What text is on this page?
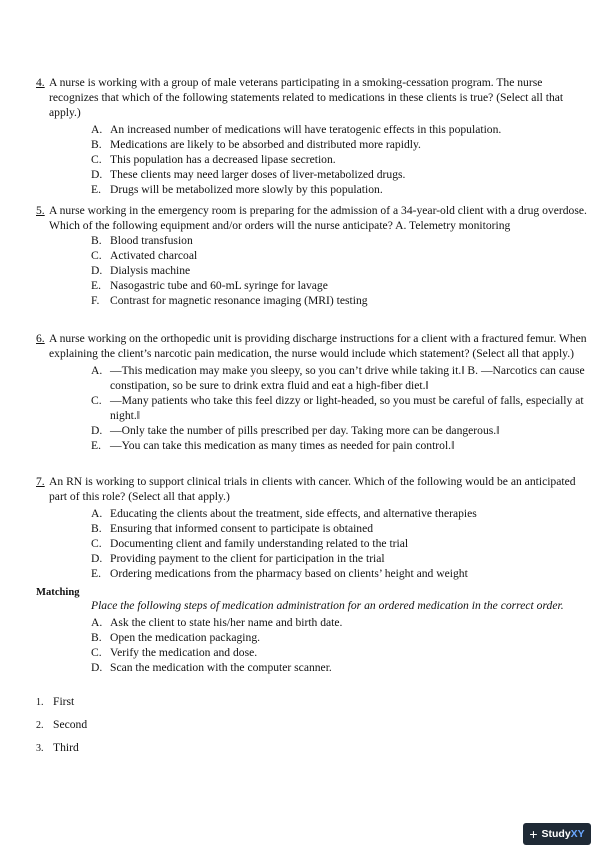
4. A nurse is working with a group of male veterans participating in a smoking-cessation program. The nurse recognizes that which of the following statements related to medications in these clients is true? (Select all that apply.)
A. An increased number of medications will have teratogenic effects in this population.
B. Medications are likely to be absorbed and distributed more rapidly.
C. This population has a decreased lipase secretion.
D. These clients may need larger doses of liver-metabolized drugs.
E. Drugs will be metabolized more slowly by this population.
5. A nurse working in the emergency room is preparing for the admission of a 34-year-old client with a drug overdose. Which of the following equipment and/or orders will the nurse anticipate? A. Telemetry monitoring
B. Blood transfusion
C. Activated charcoal
D. Dialysis machine
E. Nasogastric tube and 60-mL syringe for lavage
F. Contrast for magnetic resonance imaging (MRI) testing
6. A nurse working on the orthopedic unit is providing discharge instructions for a client with a fractured femur. When explaining the client’s narcotic pain medication, the nurse would include which statement? (Select all that apply.)
A. ―This medication may make you sleepy, so you can’t drive while taking it.‖ B. ―Narcotics can cause constipation, so be sure to drink extra fluid and eat a high-fiber diet.‖
C. ―Many patients who take this feel dizzy or light-headed, so you must be careful of falls, especially at night.‖
D. ―Only take the number of pills prescribed per day. Taking more can be dangerous.‖
E. ―You can take this medication as many times as needed for pain control.‖
7. An RN is working to support clinical trials in clients with cancer. Which of the following would be an anticipated part of this role? (Select all that apply.)
A. Educating the clients about the treatment, side effects, and alternative therapies
B. Ensuring that informed consent to participate is obtained
C. Documenting client and family understanding related to the trial
D. Providing payment to the client for participation in the trial
E. Ordering medications from the pharmacy based on clients’ height and weight
Matching
Place the following steps of medication administration for an ordered medication in the correct order.
A. Ask the client to state his/her name and birth date.
B. Open the medication packaging.
C. Verify the medication and dose.
D. Scan the medication with the computer scanner.
1. First
2. Second
3. Third
+ StudyXY
